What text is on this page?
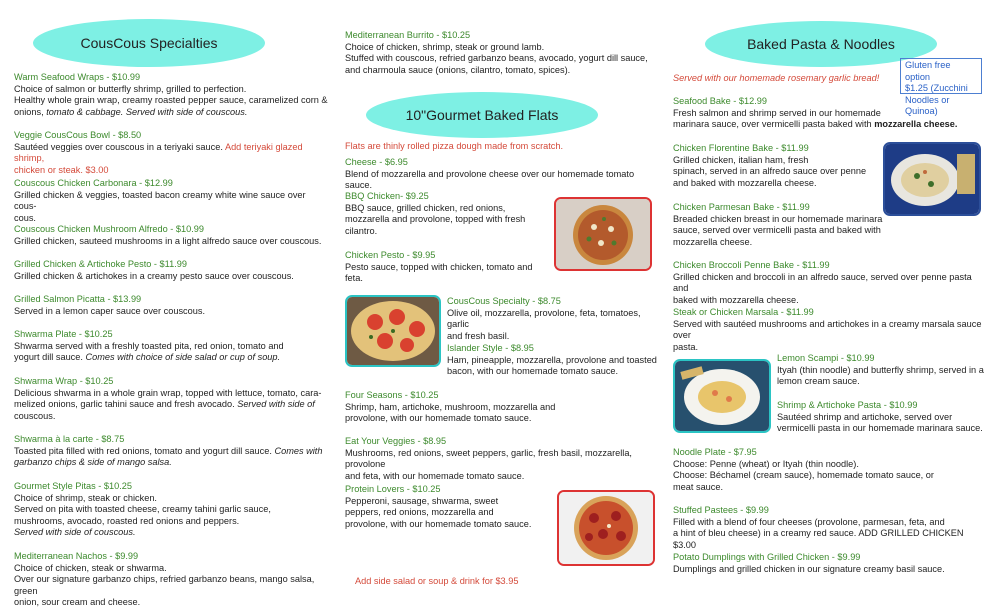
CousCous Specialties
Warm Seafood Wraps - $10.99
Choice of salmon or butterfly shrimp, grilled to perfection.
Healthy whole grain wrap, creamy roasted pepper sauce, caramelized corn &
onions, tomato & cabbage. Served with side of couscous.
Veggie CousCous Bowl - $8.50
Sautéed veggies over couscous in a teriyaki sauce. Add teriyaki glazed shrimp,
chicken or steak. $3.00
Couscous Chicken Carbonara - $12.99
Grilled chicken & veggies, toasted bacon creamy white wine sauce over cous-
cous.
Couscous Chicken Mushroom Alfredo - $10.99
Grilled chicken, sauteed mushrooms in a light alfredo sauce over couscous.
Grilled Chicken & Artichoke Pesto - $11.99
Grilled chicken & artichokes in a creamy pesto sauce over couscous.
Grilled Salmon Picatta - $13.99
Served in a lemon caper sauce over couscous.
Shwarma Plate - $10.25
Shwarma served with a freshly toasted pita, red onion, tomato and
yogurt dill sauce. Comes with choice of side salad or cup of soup.
Shwarma Wrap - $10.25
Delicious shwarma in a whole grain wrap, topped with lettuce, tomato, cara-
melized onions, garlic tahini sauce and fresh avocado. Served with side of
couscous.
Shwarma à la carte - $8.75
Toasted pita filled with red onions, tomato and yogurt dill sauce. Comes with
garbanzo chips & side of mango salsa.
Gourmet Style Pitas - $10.25
Choice of shrimp, steak or chicken.
Served on pita with toasted cheese, creamy tahini garlic sauce,
mushrooms, avocado, roasted red onions and peppers.
Served with side of couscous.
Mediterranean Nachos - $9.99
Choice of chicken, steak or shwarma.
Over our signature garbanzo chips, refried garbanzo beans, mango salsa, green
onion, sour cream and cheese.
Mediterranean Burrito - $10.25
Choice of chicken, shrimp, steak or ground lamb.
Stuffed with couscous, refried garbanzo beans, avocado, yogurt dill sauce,
and charmoula sauce (onions, cilantro, tomato, spices).
Flats are thinly rolled pizza dough made from scratch.
Cheese - $6.95
Blend of mozzarella and provolone cheese over our homemade tomato sauce.
BBQ Chicken- $9.25
BBQ sauce, grilled chicken, red onions,
mozzarella and provolone, topped with fresh
cilantro.
Chicken Pesto - $9.95
Pesto sauce, topped with chicken, tomato and
feta.
CousCous Specialty - $8.75
Olive oil, mozzarella, provolone, feta, tomatoes, garlic
and fresh basil.
Islander Style - $8.95
Ham, pineapple, mozzarella, provolone and toasted
bacon, with our homemade tomato sauce.
Four Seasons - $10.25
Shrimp, ham, artichoke, mushroom, mozzarella and
provolone, with our homemade tomato sauce.
Eat Your Veggies - $8.95
Mushrooms, red onions, sweet peppers, garlic, fresh basil, mozzarella, provolone
and feta, with our homemade tomato sauce.
Protein Lovers - $10.25
Pepperoni, sausage, shwarma, sweet
peppers, red onions, mozzarella and
provolone, with our homemade tomato sauce.
Add side salad or soup & drink for $3.95
10"Gourmet Baked Flats
Baked Pasta & Noodles
Gluten free option
$1.25 (Zucchini
Noodles or Quinoa)
Served with our homemade rosemary garlic bread!
Seafood Bake - $12.99
Fresh salmon and shrimp served in our homemade
marinara sauce, over vermicelli pasta baked with mozzarella cheese.
Chicken Florentine Bake - $11.99
Grilled chicken, italian ham, fresh
spinach, served in an alfredo sauce over penne
and baked with mozzarella cheese.
Chicken Parmesan Bake - $11.99
Breaded chicken breast in our homemade marinara
sauce, served over vermicelli pasta and baked with
mozzarella cheese.
Chicken Broccoli Penne Bake - $11.99
Grilled chicken and broccoli in an alfredo sauce, served over penne pasta and
baked with mozzarella cheese.
Steak or Chicken Marsala - $11.99
Served with sautéed mushrooms and artichokes in a creamy marsala sauce over
pasta.
Lemon Scampi - $10.99
Ityah (thin noodle) and butterfly shrimp, served in a
lemon cream sauce.
Shrimp & Artichoke Pasta - $10.99
Sautéed shrimp and artichoke, served over
vermicelli pasta in our homemade marinara sauce.
Noodle Plate - $7.95
Choose: Penne (wheat) or Ityah (thin noodle).
Choose: Béchamel (cream sauce), homemade tomato sauce, or
meat sauce.
Stuffed Pastees - $9.99
Filled with a blend of four cheeses (provolone, parmesan, feta, and
a hint of bleu cheese) in a creamy red sauce. ADD GRILLED CHICKEN $3.00
Potato Dumplings with Grilled Chicken - $9.99
Dumplings and grilled chicken in our signature creamy basil sauce.
